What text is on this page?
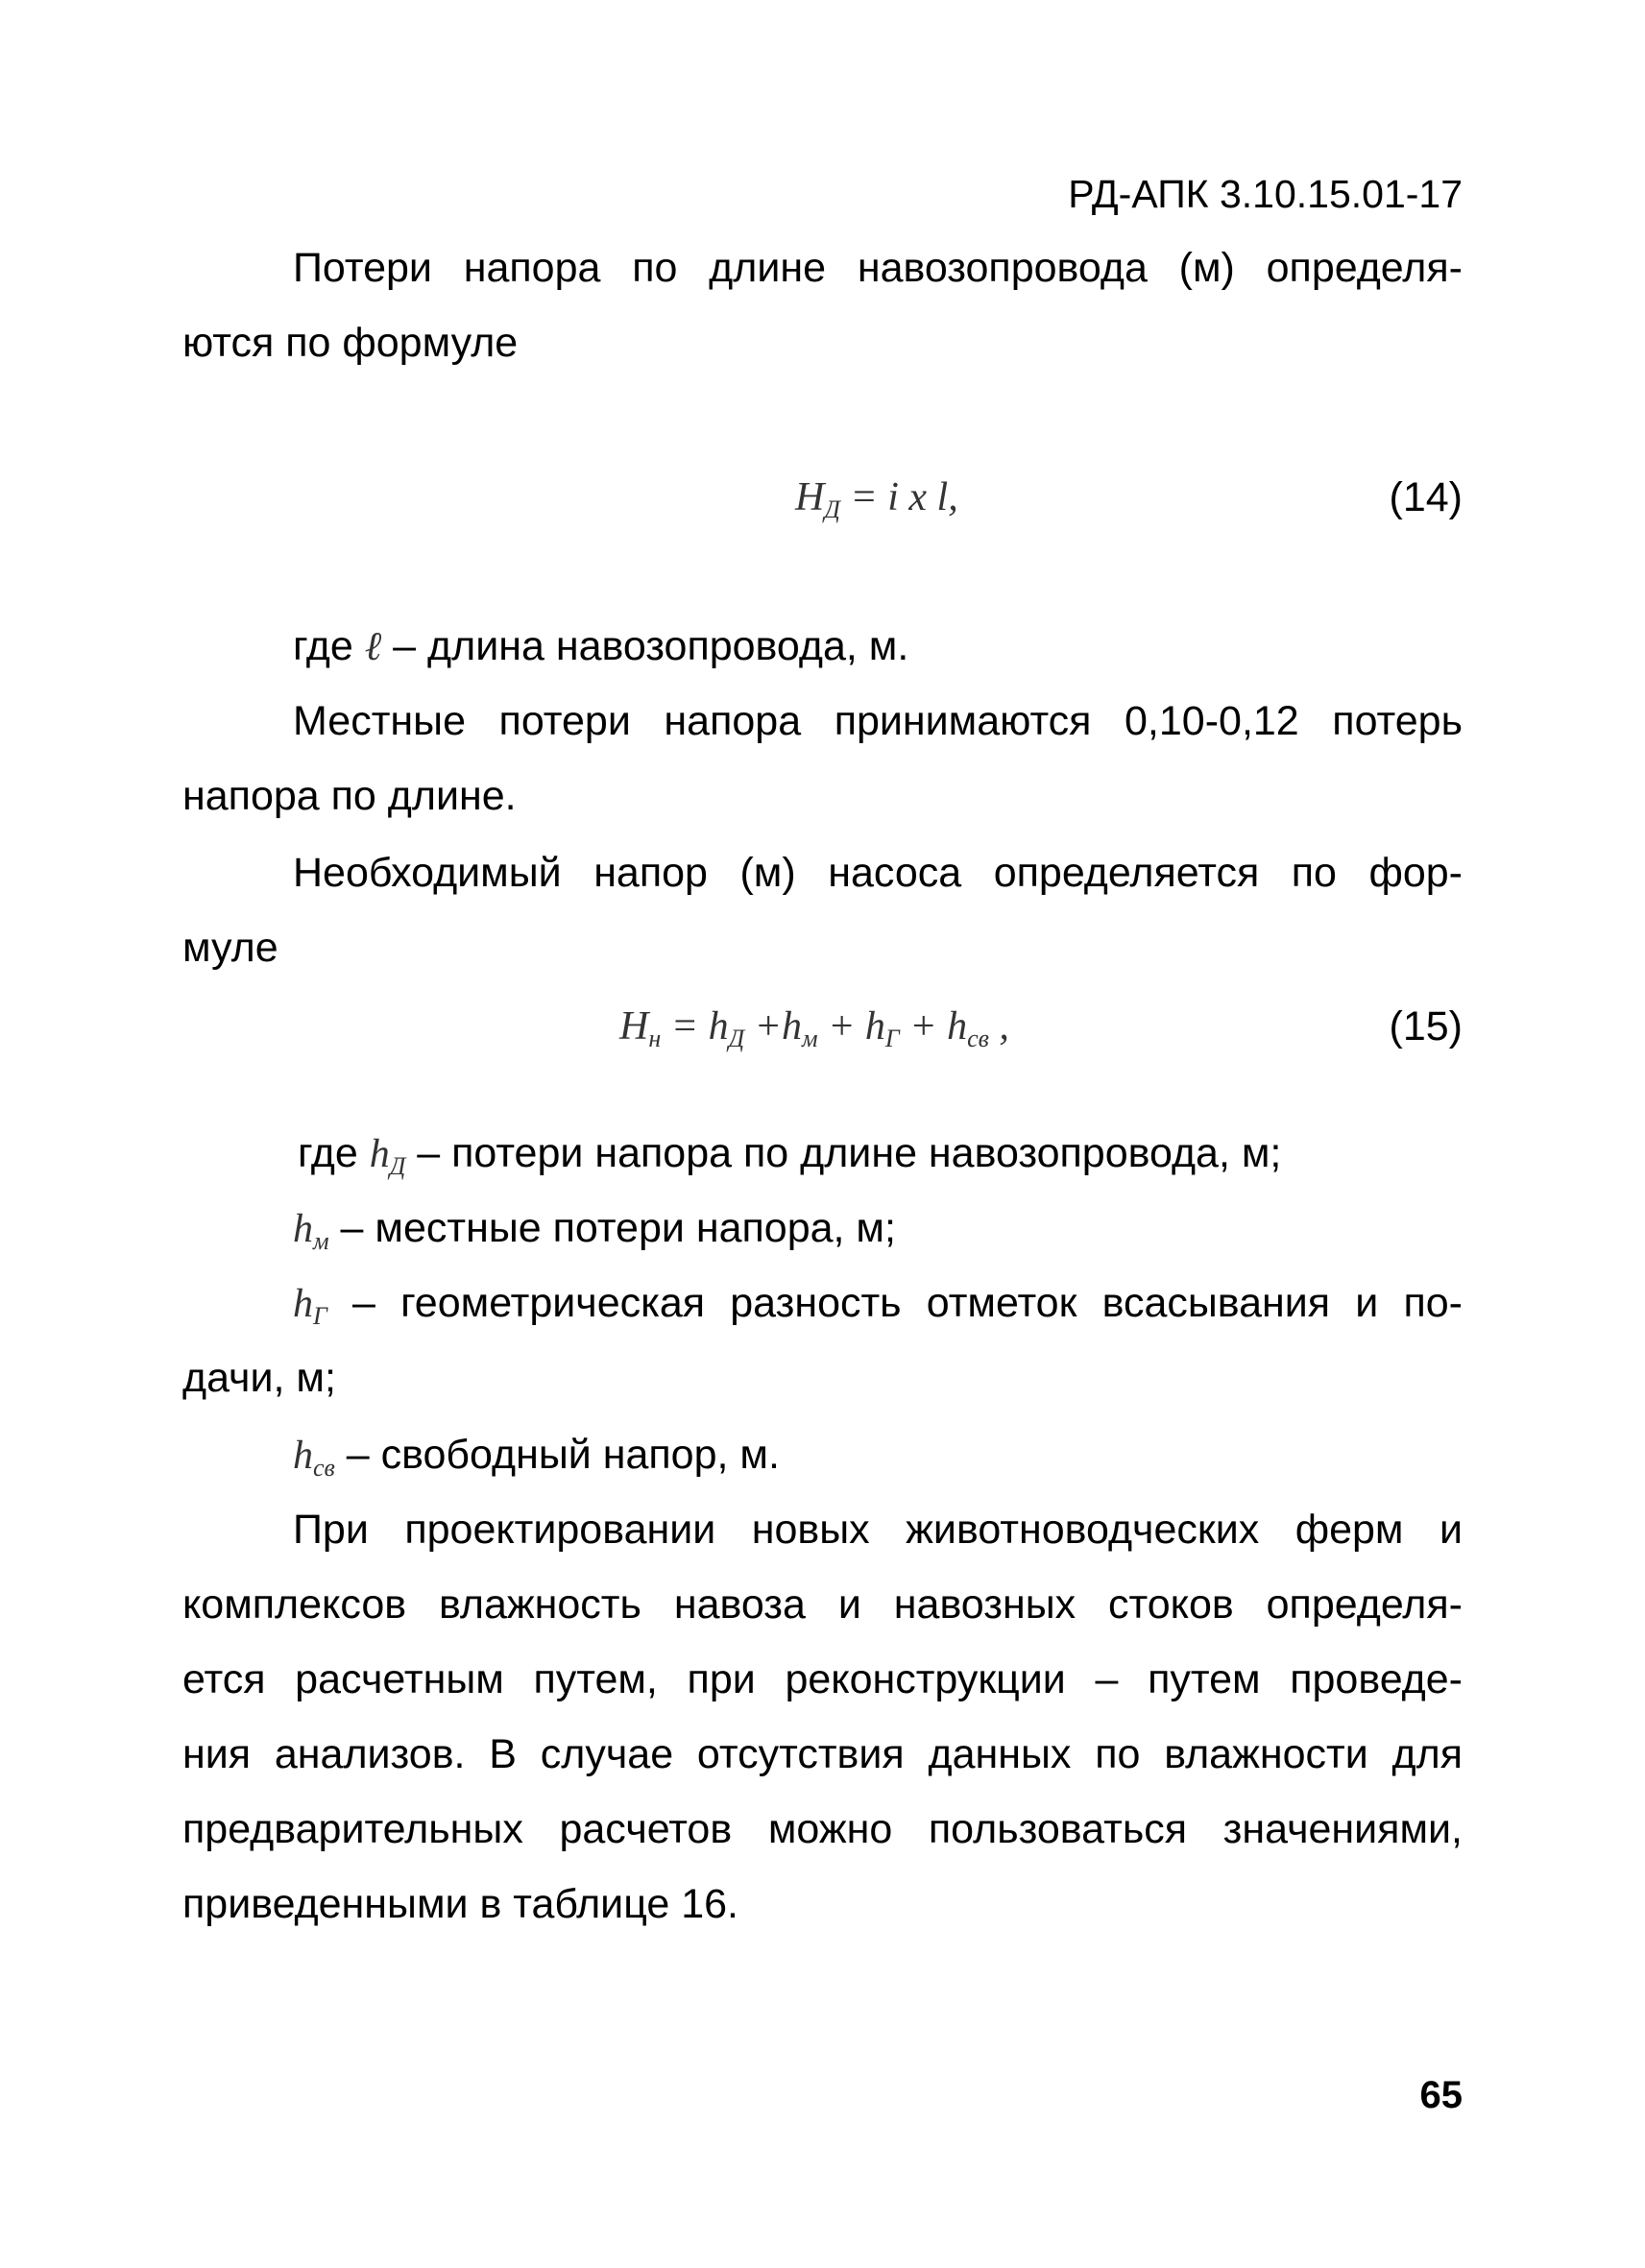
РД-АПК 3.10.15.01-17
Потери напора по длине навозопровода (м) определя-
ются по формуле
$H_Д = i$ x l,	(14)
где ℓ – длина навозопровода, м.
Местные потери напора принимаются 0,10-0,12 потерь
напора по длине.
Необходимый напор (м) насоса определяется по фор-
муле
$H_н = h_Д +h_м + h_Г + h_{св}$ ,	(15)
где $h_Д$ – потери напора по длине навозопровода, м;
$h_м$ – местные потери напора, м;
$h_Г$ – геометрическая разность отметок всасывания и по-
дачи, м;
$h_{св}$ – свободный напор, м.
При проектировании новых животноводческих ферм и
комплексов влажность навоза и навозных стоков определя-
ется расчетным путем, при реконструкции – путем проведе-
ния анализов. В случае отсутствия данных по влажности для
предварительных расчетов можно пользоваться значениями,
приведенными в таблице 16.
65
